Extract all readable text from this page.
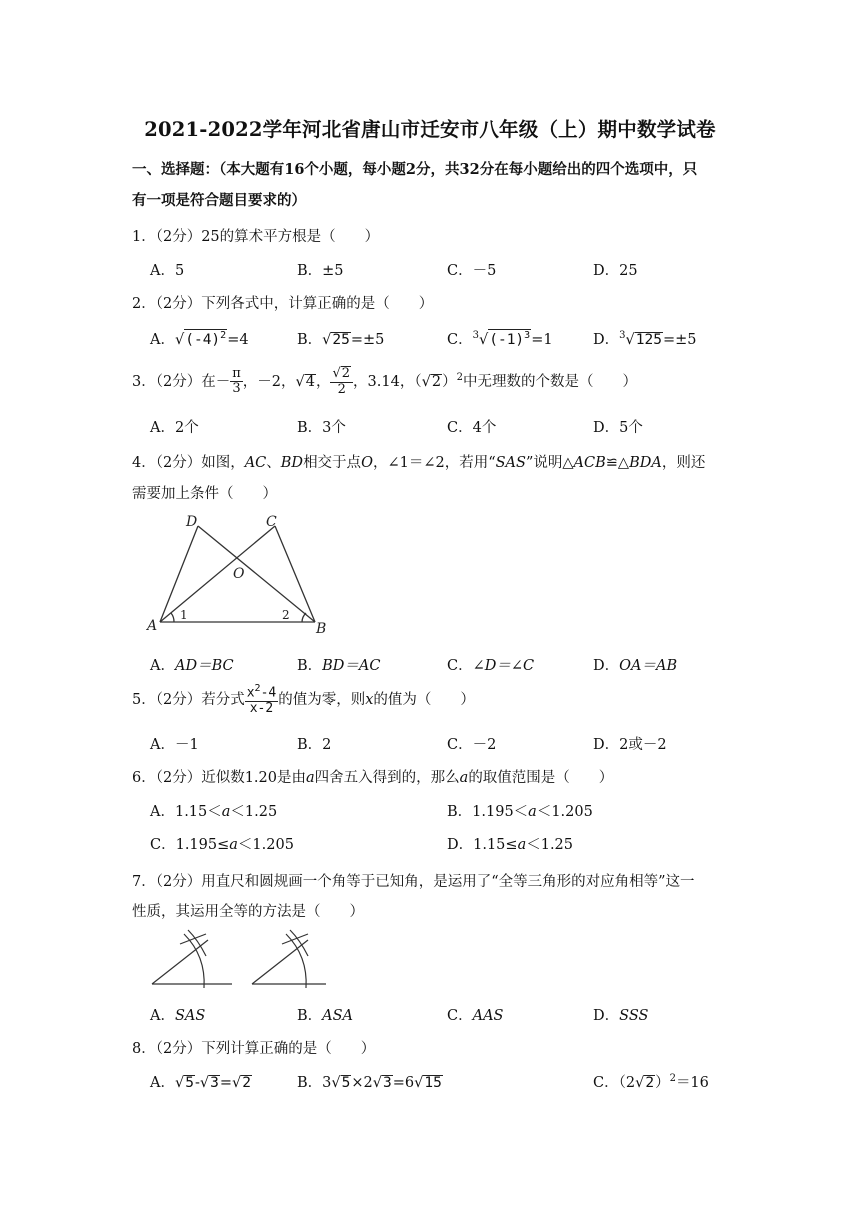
2021-2022学年河北省唐山市迁安市八年级（上）期中数学试卷
一、选择题：（本大题有16个小题，每小题2分，共32分在每小题给出的四个选项中，只
有一项是符合题目要求的）
1．（2分）25的算术平方根是（　　）
A．5	B．±5	C．－5	D．25
2．（2分）下列各式中，计算正确的是（　　）
A．$√(-4)^2=4$	B．√25=±5	C．$^3√(-1)^3=1$	D．$^3$√125=±5
3．（2分）在－ $\frac{\pi}{3}$ ，－2，√4， $\frac{√2}{2}$ ，3.14，$(√2)^2$中无理数的个数是（　　）
A．2个	B．3个	C．4个	D．5个
4．（2分）如图，AC、BD相交于点O，∠1＝∠2，若用“SAS”说明△ACB≌△BDA，则还
需要加上条件（　　）
D	C
O
A	B
1	2
A．AD＝BC	B．BD＝AC	C．∠D＝∠C	D．OA＝AB
5．（2分）若分式 $\frac{x^2-4}{x-2}$ 的值为零，则x的值为（　　）
A．－1	B．2	C．－2	D．2或－2
6．（2分）近似数1.20是由a四舍五入得到的，那么a的取值范围是（　　）
A．1.15＜a＜1.25	B．1.195＜a＜1.205
C．1.195≤a＜1.205	D．1.15≤a＜1.25
7．（2分）用直尺和圆规画一个角等于已知角，是运用了“全等三角形的对应角相等”这一
性质，其运用全等的方法是（　　）
A．SAS	B．ASA	C．AAS	D．SSS
8．（2分）下列计算正确的是（　　）
A．√5-√3=√2	B．3√5×2√3=6√15	C．$(2√2)^2=16$
